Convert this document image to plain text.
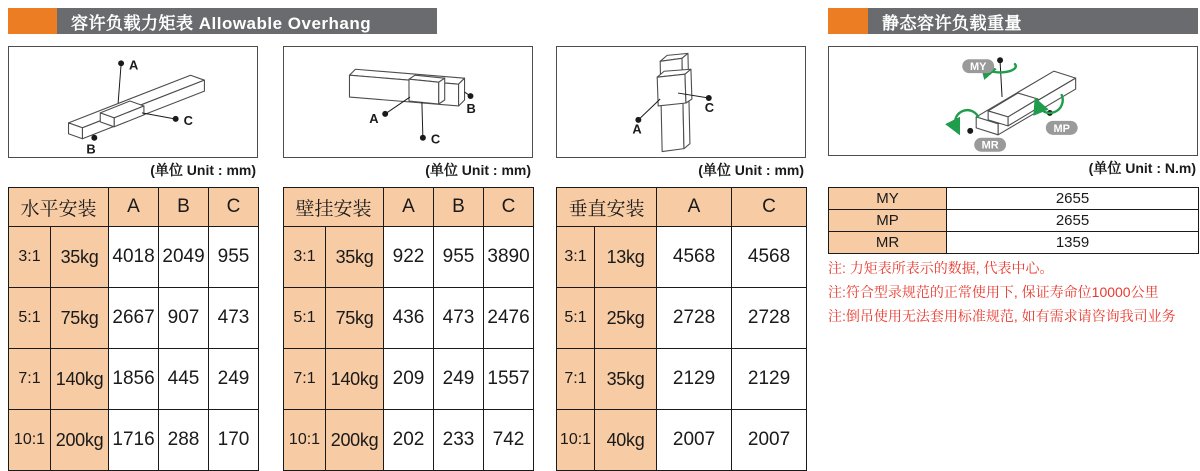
容许负载力矩表 Allowable Overhang	静态容许负载重量
A
B
C
(单位 Unit : mm)
A
B
C
(单位 Unit : mm)
A
C
(单位 Unit : mm)
MY
MP
MR
(单位 Unit : N.m)
水平安装		A	B	C
3:1	35kg	4018	2049	955
5:1	75kg	2667	907	473
7:1	140kg	1856	445	249
10:1	200kg	1716	288	170
壁挂安装		A	B	C
3:1	35kg	922	955	3890
5:1	75kg	436	473	2476
7:1	140kg	209	249	1557
10:1	200kg	202	233	742
垂直安装		A	C
3:1	13kg	4568	4568
5:1	25kg	2728	2728
7:1	35kg	2129	2129
10:1	40kg	2007	2007
MY	2655
MP	2655
MR	1359
注: 力矩表所表示的数据, 代表中心。
注:符合型录规范的正常使用下, 保证寿命位10000公里
注:倒吊使用无法套用标准规范, 如有需求请咨询我司业务
